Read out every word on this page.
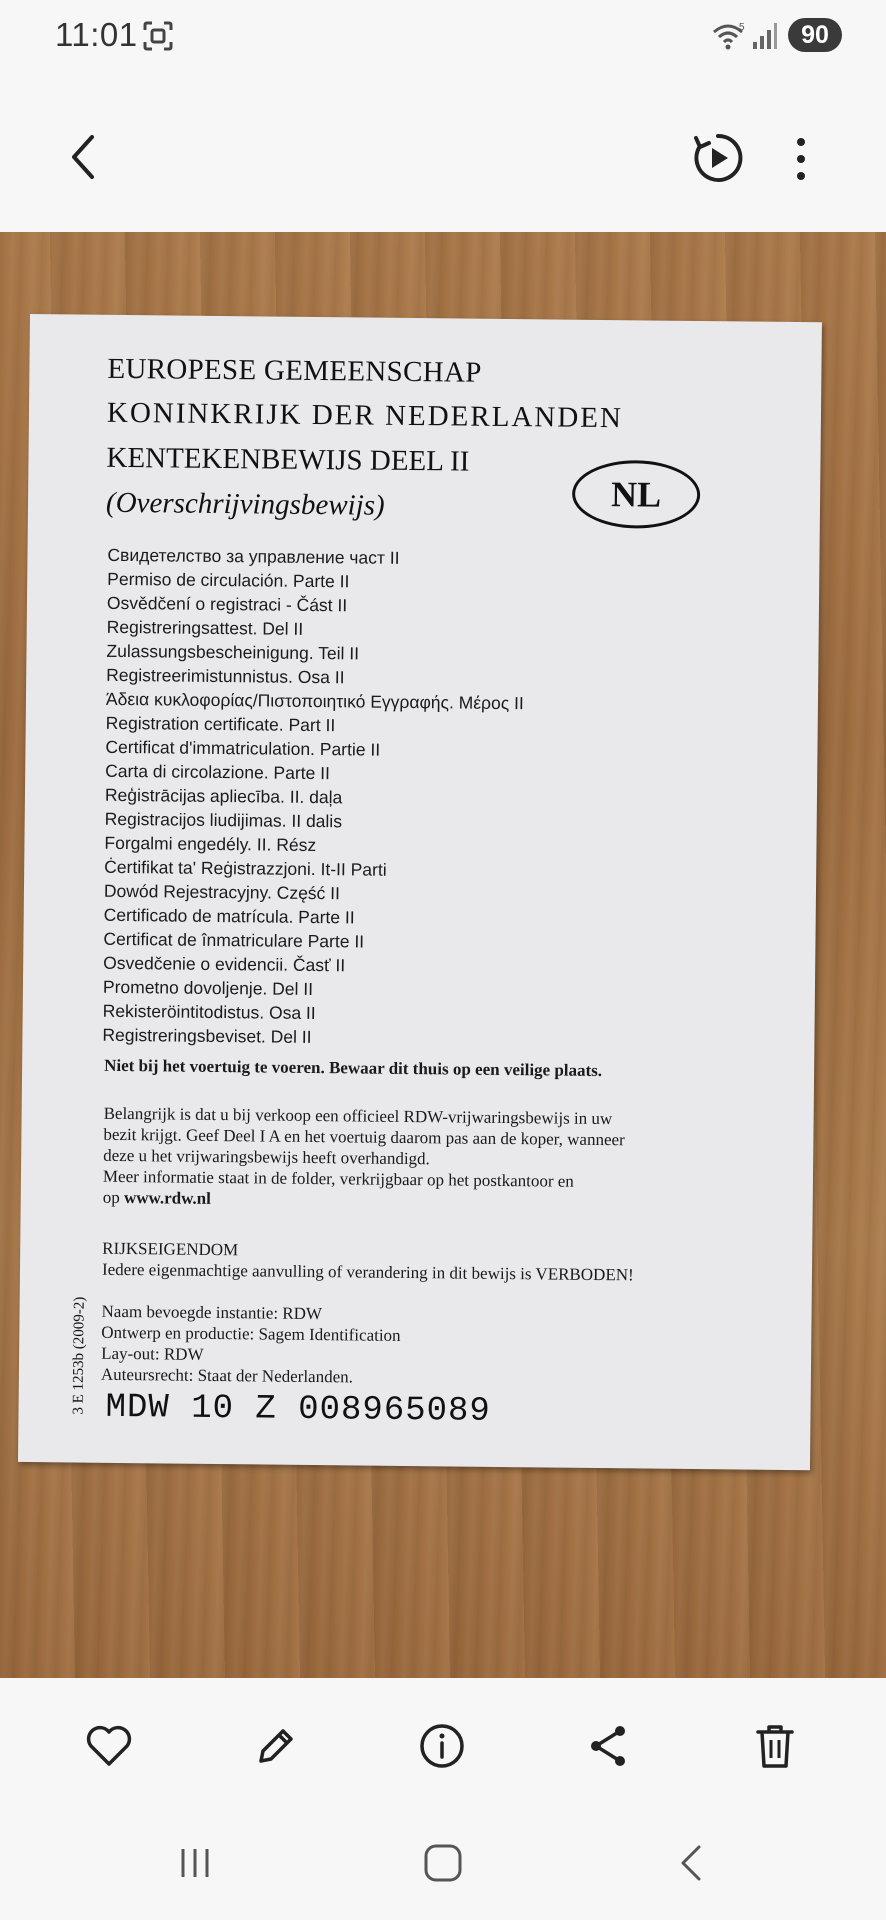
11:01	5	90
EUROPESE GEMEENSCHAP
KONINKRIJK DER NEDERLANDEN
KENTEKENBEWIJS DEEL II
(Overschrijvingsbewijs)	NL
Свидетелство за управление част II
Permiso de circulación. Parte II
Osvědčení o registraci - Část II
Registreringsattest. Del II
Zulassungsbescheinigung. Teil II
Registreerimistunnistus. Osa II
Άδεια κυκλοφορίας/Πιστοποιητικό Εγγραφής. Μέρος II
Registration certificate. Part II
Certificat d'immatriculation. Partie II
Carta di circolazione. Parte II
Reģistrācijas apliecība. II. daļa
Registracijos liudijimas. II dalis
Forgalmi engedély. II. Rész
Ċertifikat ta' Reġistrazzjoni. It-II Parti
Dowód Rejestracyjny. Część II
Certificado de matrícula. Parte II
Certificat de înmatriculare Parte II
Osvedčenie o evidencii. Časť II
Prometno dovoljenje. Del II
Rekisteröintitodistus. Osa II
Registreringsbeviset. Del II

Niet bij het voertuig te voeren. Bewaar dit thuis op een veilige plaats.

Belangrijk is dat u bij verkoop een officieel RDW-vrijwaringsbewijs in uw
bezit krijgt. Geef Deel I A en het voertuig daarom pas aan de koper, wanneer
deze u het vrijwaringsbewijs heeft overhandigd.
Meer informatie staat in de folder, verkrijgbaar op het postkantoor en
op www.rdw.nl
RIJKSEIGENDOM
Iedere eigenmachtige aanvulling of verandering in dit bewijs is VERBODEN!
Naam bevoegde instantie: RDW
Ontwerp en productie: Sagem Identification
Lay-out: RDW
Auteursrecht: Staat der Nederlanden.
MDW 10 Z 008965089
3 E 1253b (2009-2)
